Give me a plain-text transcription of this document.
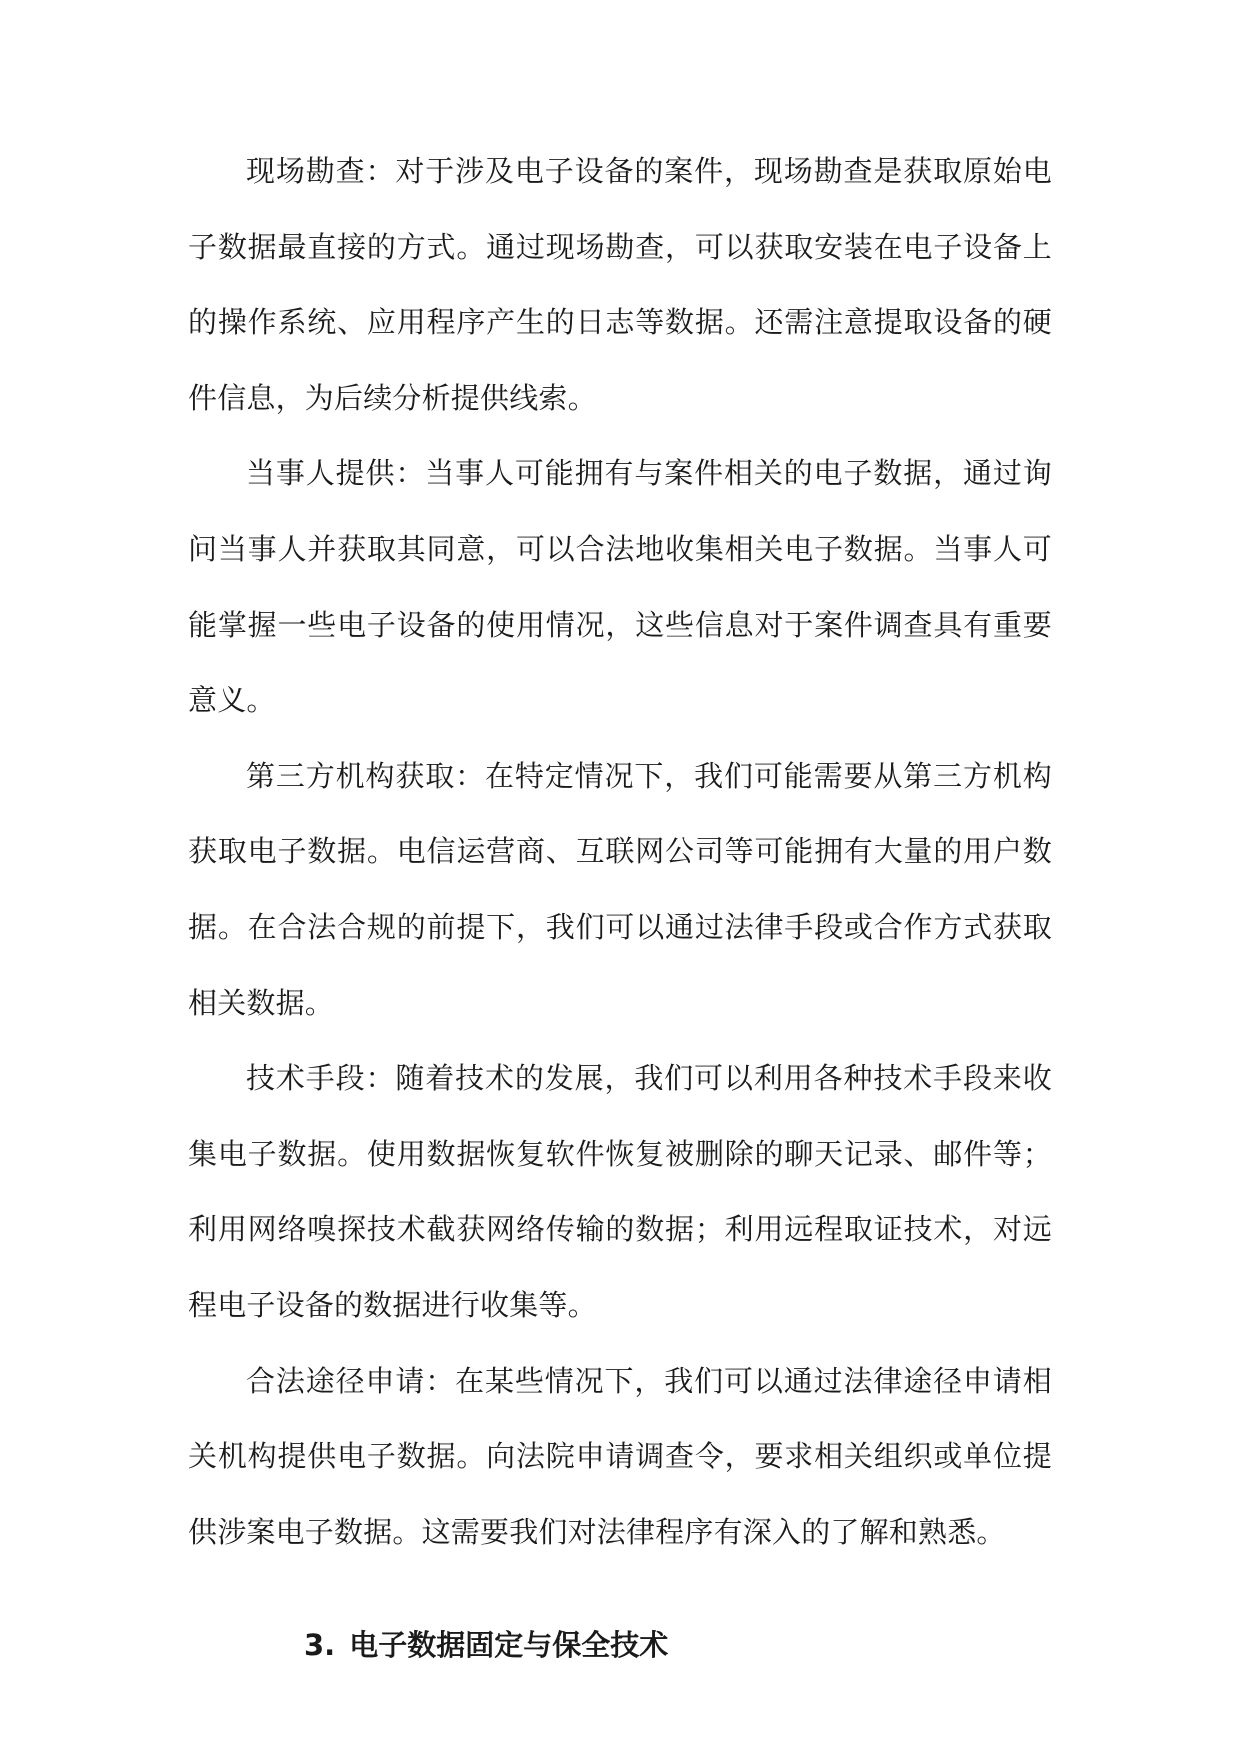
现场勘查：对于涉及电子设备的案件，现场勘查是获取原始电子数据最直接的方式。通过现场勘查，可以获取安装在电子设备上的操作系统、应用程序产生的日志等数据。还需注意提取设备的硬件信息，为后续分析提供线索。

当事人提供：当事人可能拥有与案件相关的电子数据，通过询问当事人并获取其同意，可以合法地收集相关电子数据。当事人可能掌握一些电子设备的使用情况，这些信息对于案件调查具有重要意义。

第三方机构获取：在特定情况下，我们可能需要从第三方机构获取电子数据。电信运营商、互联网公司等可能拥有大量的用户数据。在合法合规的前提下，我们可以通过法律手段或合作方式获取相关数据。

技术手段：随着技术的发展，我们可以利用各种技术手段来收集电子数据。使用数据恢复软件恢复被删除的聊天记录、邮件等；利用网络嗅探技术截获网络传输的数据；利用远程取证技术，对远程电子设备的数据进行收集等。

合法途径申请：在某些情况下，我们可以通过法律途径申请相关机构提供电子数据。向法院申请调查令，要求相关组织或单位提供涉案电子数据。这需要我们对法律程序有深入的了解和熟悉。

3. 电子数据固定与保全技术
